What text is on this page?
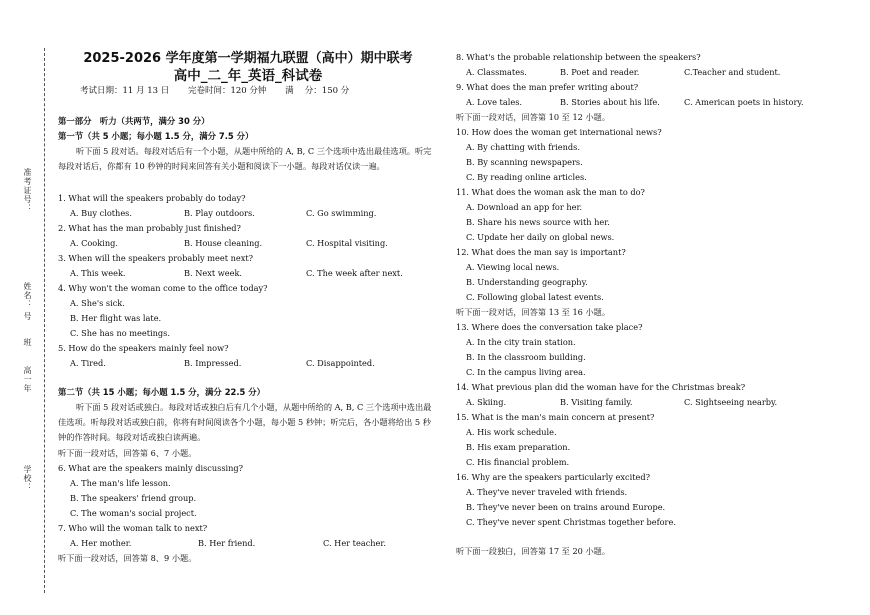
准考证号：
姓名：
号
班
高一年
学校：
2025-2026 学年度第一学期福九联盟（高中）期中联考
高中_二_年_英语_科试卷
考试日期：11 月 13 日 完卷时间：120 分钟 满　 分：150 分
第一部分　听力（共两节，满分 30 分）
第一节（共 5 小题；每小题 1.5 分，满分 7.5 分）
听下面 5 段对话。每段对话后有一个小题，从题中所给的 A, B, C 三个选项中选出最佳选项。听完每段对话后，你都有 10 秒钟的时间来回答有关小题和阅读下一小题。每段对话仅读一遍。
1. What will the speakers probably do today?
A. Buy clothes.	B. Play outdoors.	C. Go swimming.
2. What has the man probably just finished?
A. Cooking.	B. House cleaning.	C. Hospital visiting.
3. When will the speakers probably meet next?
A. This week.	B. Next week.	C. The week after next.
4. Why won't the woman come to the office today?
A. She's sick.
B. Her flight was late.
C. She has no meetings.
5. How do the speakers mainly feel now?
A. Tired.	B. Impressed.	C. Disappointed.
第二节（共 15 小题；每小题 1.5 分，满分 22.5 分）
听下面 5 段对话或独白。每段对话或独白后有几个小题，从题中所给的 A, B, C 三个选项中选出最佳选项。听每段对话或独白前，你将有时间阅读各个小题，每小题 5 秒钟；听完后，各小题将给出 5 秒钟的作答时间。每段对话或独白读两遍。
听下面一段对话，回答第 6、7 小题。
6. What are the speakers mainly discussing?
A. The man's life lesson.
B. The speakers' friend group.
C. The woman's social project.
7. Who will the woman talk to next?
A. Her mother.	B. Her friend.	C. Her teacher.
听下面一段对话，回答第 8、9 小题。
8. What's the probable relationship between the speakers?
A. Classmates.	B. Poet and reader.	C.Teacher and student.
9. What does the man prefer writing about?
A. Love tales.	B. Stories about his life.	C. American poets in history.
听下面一段对话，回答第 10 至 12 小题。
10. How does the woman get international news?
A. By chatting with friends.
B. By scanning newspapers.
C. By reading online articles.
11. What does the woman ask the man to do?
A. Download an app for her.
B. Share his news source with her.
C. Update her daily on global news.
12. What does the man say is important?
A. Viewing local news.
B. Understanding geography.
C. Following global latest events.
听下面一段对话，回答第 13 至 16 小题。
13. Where does the conversation take place?
A. In the city train station.
B. In the classroom building.
C. In the campus living area.
14. What previous plan did the woman have for the Christmas break?
A. Skiing.	B. Visiting family.	C. Sightseeing nearby.
15. What is the man's main concern at present?
A. His work schedule.
B. His exam preparation.
C. His financial problem.
16. Why are the speakers particularly excited?
A. They've never traveled with friends.
B. They've never been on trains around Europe.
C. They've never spent Christmas together before.
听下面一段独白，回答第 17 至 20 小题。
